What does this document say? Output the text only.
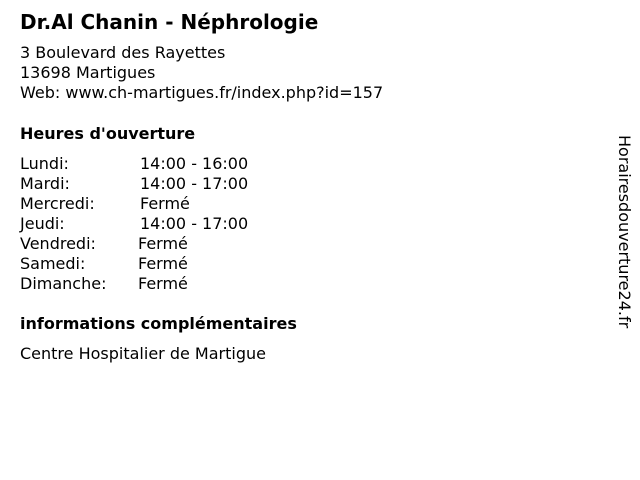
Dr.Al Chanin - Néphrologie
3 Boulevard des Rayettes
13698 Martigues
Web: www.ch-martigues.fr/index.php?id=157
Heures d'ouverture
Lundi:	14:00 - 16:00
Mardi:	14:00 - 17:00
Mercredi:	Fermé
Jeudi:	14:00 - 17:00
Vendredi:	Fermé
Samedi:	Fermé
Dimanche: Fermé
informations complémentaires
Centre Hospitalier de Martigue
Horairesdouverture24.fr
